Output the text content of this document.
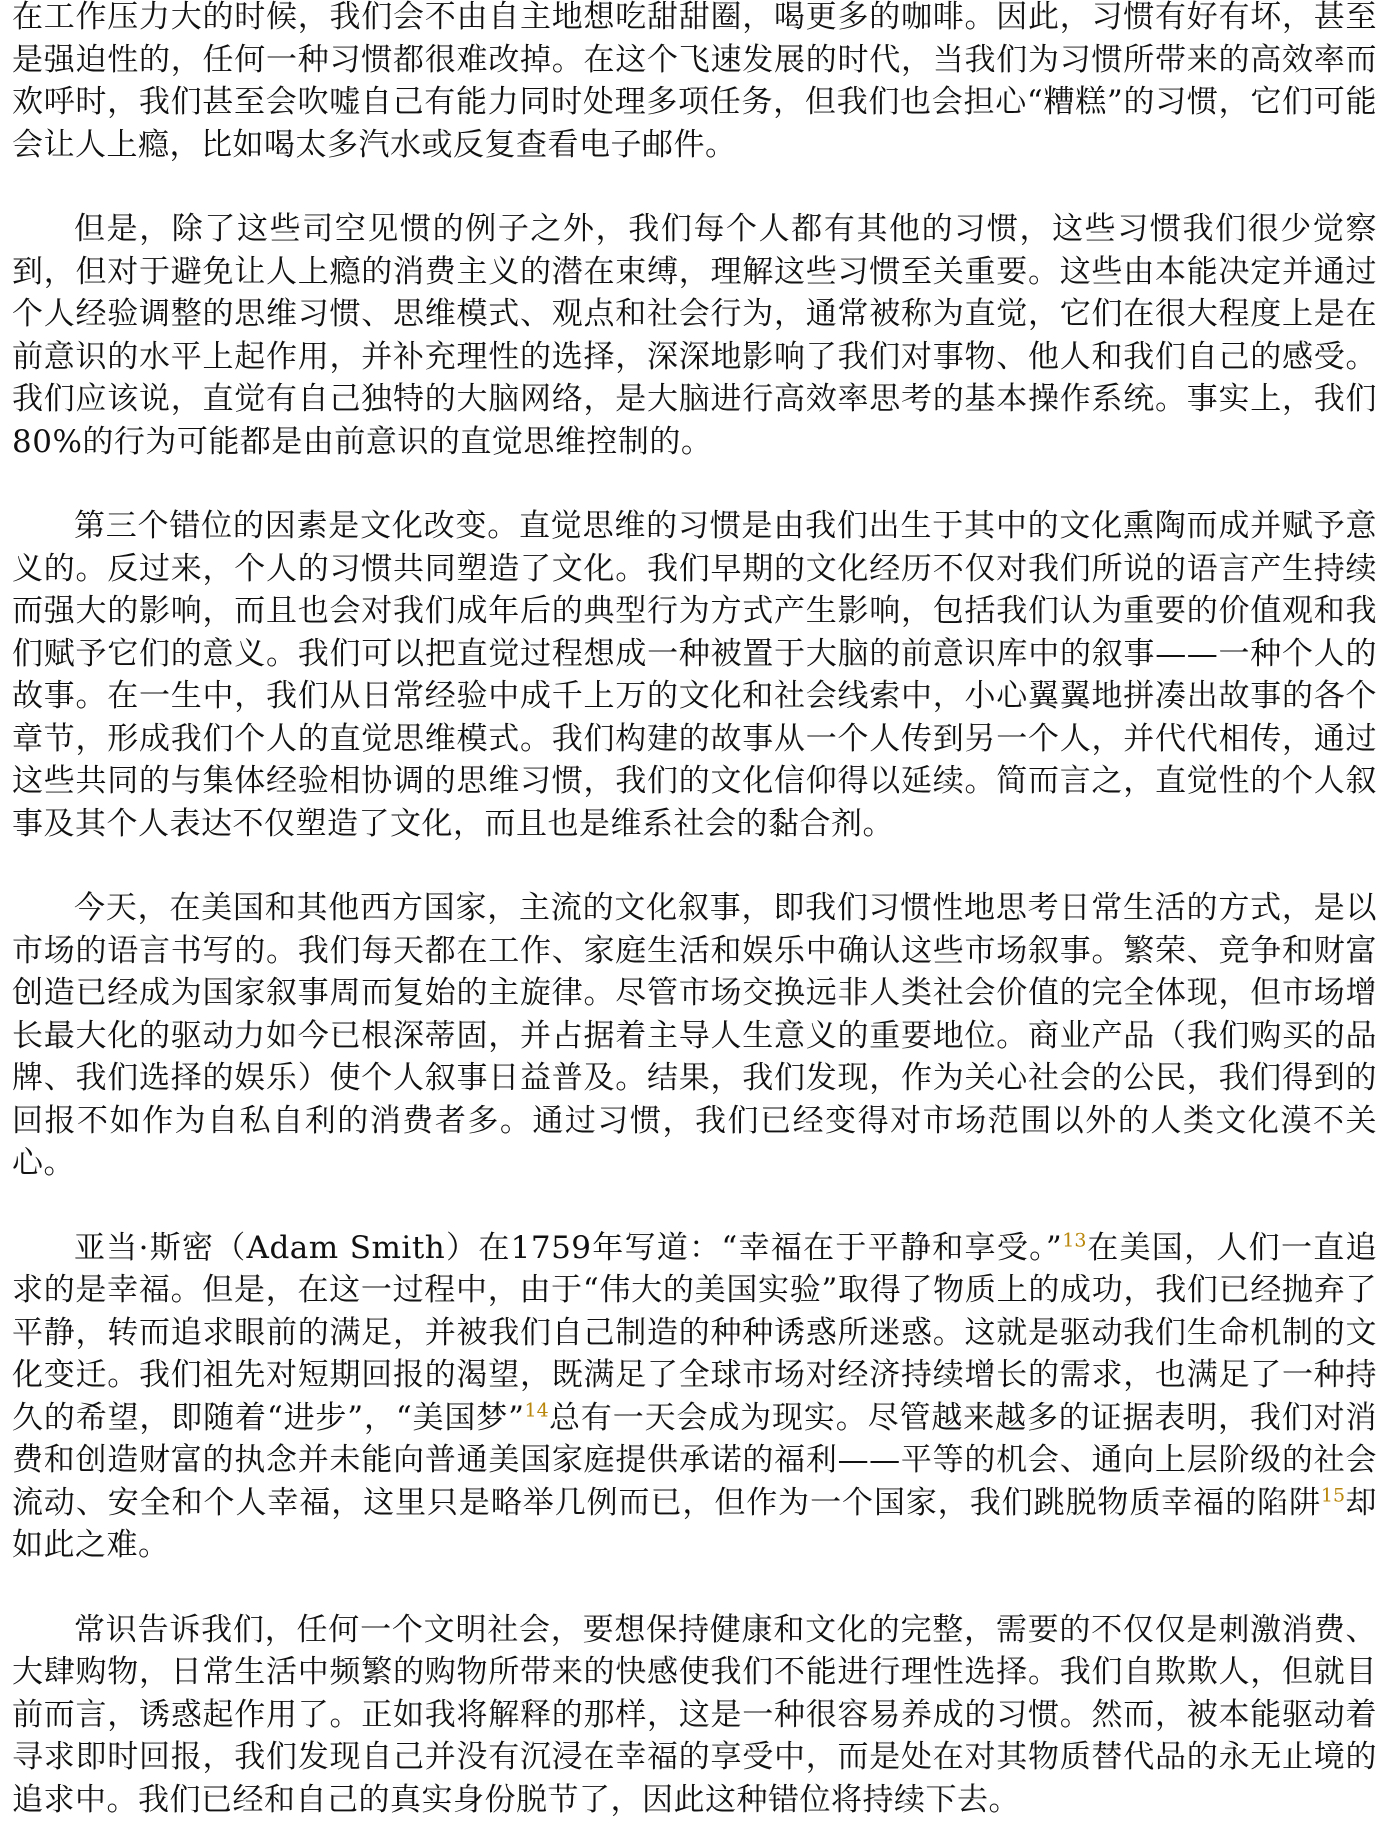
在工作压力大的时候，我们会不由自主地想吃甜甜圈，喝更多的咖啡。因此，习惯有好有坏，甚至是强迫性的，任何一种习惯都很难改掉。在这个飞速发展的时代，当我们为习惯所带来的高效率而欢呼时，我们甚至会吹嘘自己有能力同时处理多项任务，但我们也会担心“糟糕”的习惯，它们可能会让人上瘾，比如喝太多汽水或反复查看电子邮件。

但是，除了这些司空见惯的例子之外，我们每个人都有其他的习惯，这些习惯我们很少觉察到，但对于避免让人上瘾的消费主义的潜在束缚，理解这些习惯至关重要。这些由本能决定并通过个人经验调整的思维习惯、思维模式、观点和社会行为，通常被称为直觉，它们在很大程度上是在前意识的水平上起作用，并补充理性的选择，深深地影响了我们对事物、他人和我们自己的感受。我们应该说，直觉有自己独特的大脑网络，是大脑进行高效率思考的基本操作系统。事实上，我们80%的行为可能都是由前意识的直觉思维控制的。

第三个错位的因素是文化改变。直觉思维的习惯是由我们出生于其中的文化熏陶而成并赋予意义的。反过来，个人的习惯共同塑造了文化。我们早期的文化经历不仅对我们所说的语言产生持续而强大的影响，而且也会对我们成年后的典型行为方式产生影响，包括我们认为重要的价值观和我们赋予它们的意义。我们可以把直觉过程想成一种被置于大脑的前意识库中的叙事——一种个人的故事。在一生中，我们从日常经验中成千上万的文化和社会线索中，小心翼翼地拼凑出故事的各个章节，形成我们个人的直觉思维模式。我们构建的故事从一个人传到另一个人，并代代相传，通过这些共同的与集体经验相协调的思维习惯，我们的文化信仰得以延续。简而言之，直觉性的个人叙事及其个人表达不仅塑造了文化，而且也是维系社会的黏合剂。

今天，在美国和其他西方国家，主流的文化叙事，即我们习惯性地思考日常生活的方式，是以市场的语言书写的。我们每天都在工作、家庭生活和娱乐中确认这些市场叙事。繁荣、竞争和财富创造已经成为国家叙事周而复始的主旋律。尽管市场交换远非人类社会价值的完全体现，但市场增长最大化的驱动力如今已根深蒂固，并占据着主导人生意义的重要地位。商业产品（我们购买的品牌、我们选择的娱乐）使个人叙事日益普及。结果，我们发现，作为关心社会的公民，我们得到的回报不如作为自私自利的消费者多。通过习惯，我们已经变得对市场范围以外的人类文化漠不关心。

亚当·斯密（Adam Smith）在1759年写道：“幸福在于平静和享受。”$^{13}$在美国，人们一直追求的是幸福。但是，在这一过程中，由于“伟大的美国实验”取得了物质上的成功，我们已经抛弃了平静，转而追求眼前的满足，并被我们自己制造的种种诱惑所迷惑。这就是驱动我们生命机制的文化变迁。我们祖先对短期回报的渴望，既满足了全球市场对经济持续增长的需求，也满足了一种持久的希望，即随着“进步”，“美国梦”$^{14}$总有一天会成为现实。尽管越来越多的证据表明，我们对消费和创造财富的执念并未能向普通美国家庭提供承诺的福利——平等的机会、通向上层阶级的社会流动、安全和个人幸福，这里只是略举几例而已，但作为一个国家，我们跳脱物质幸福的陷阱$^{15}$却如此之难。

常识告诉我们，任何一个文明社会，要想保持健康和文化的完整，需要的不仅仅是刺激消费、大肆购物，日常生活中频繁的购物所带来的快感使我们不能进行理性选择。我们自欺欺人，但就目前而言，诱惑起作用了。正如我将解释的那样，这是一种很容易养成的习惯。然而，被本能驱动着寻求即时回报，我们发现自己并没有沉浸在幸福的享受中，而是处在对其物质替代品的永无止境的追求中。我们已经和自己的真实身份脱节了，因此这种错位将持续下去。
